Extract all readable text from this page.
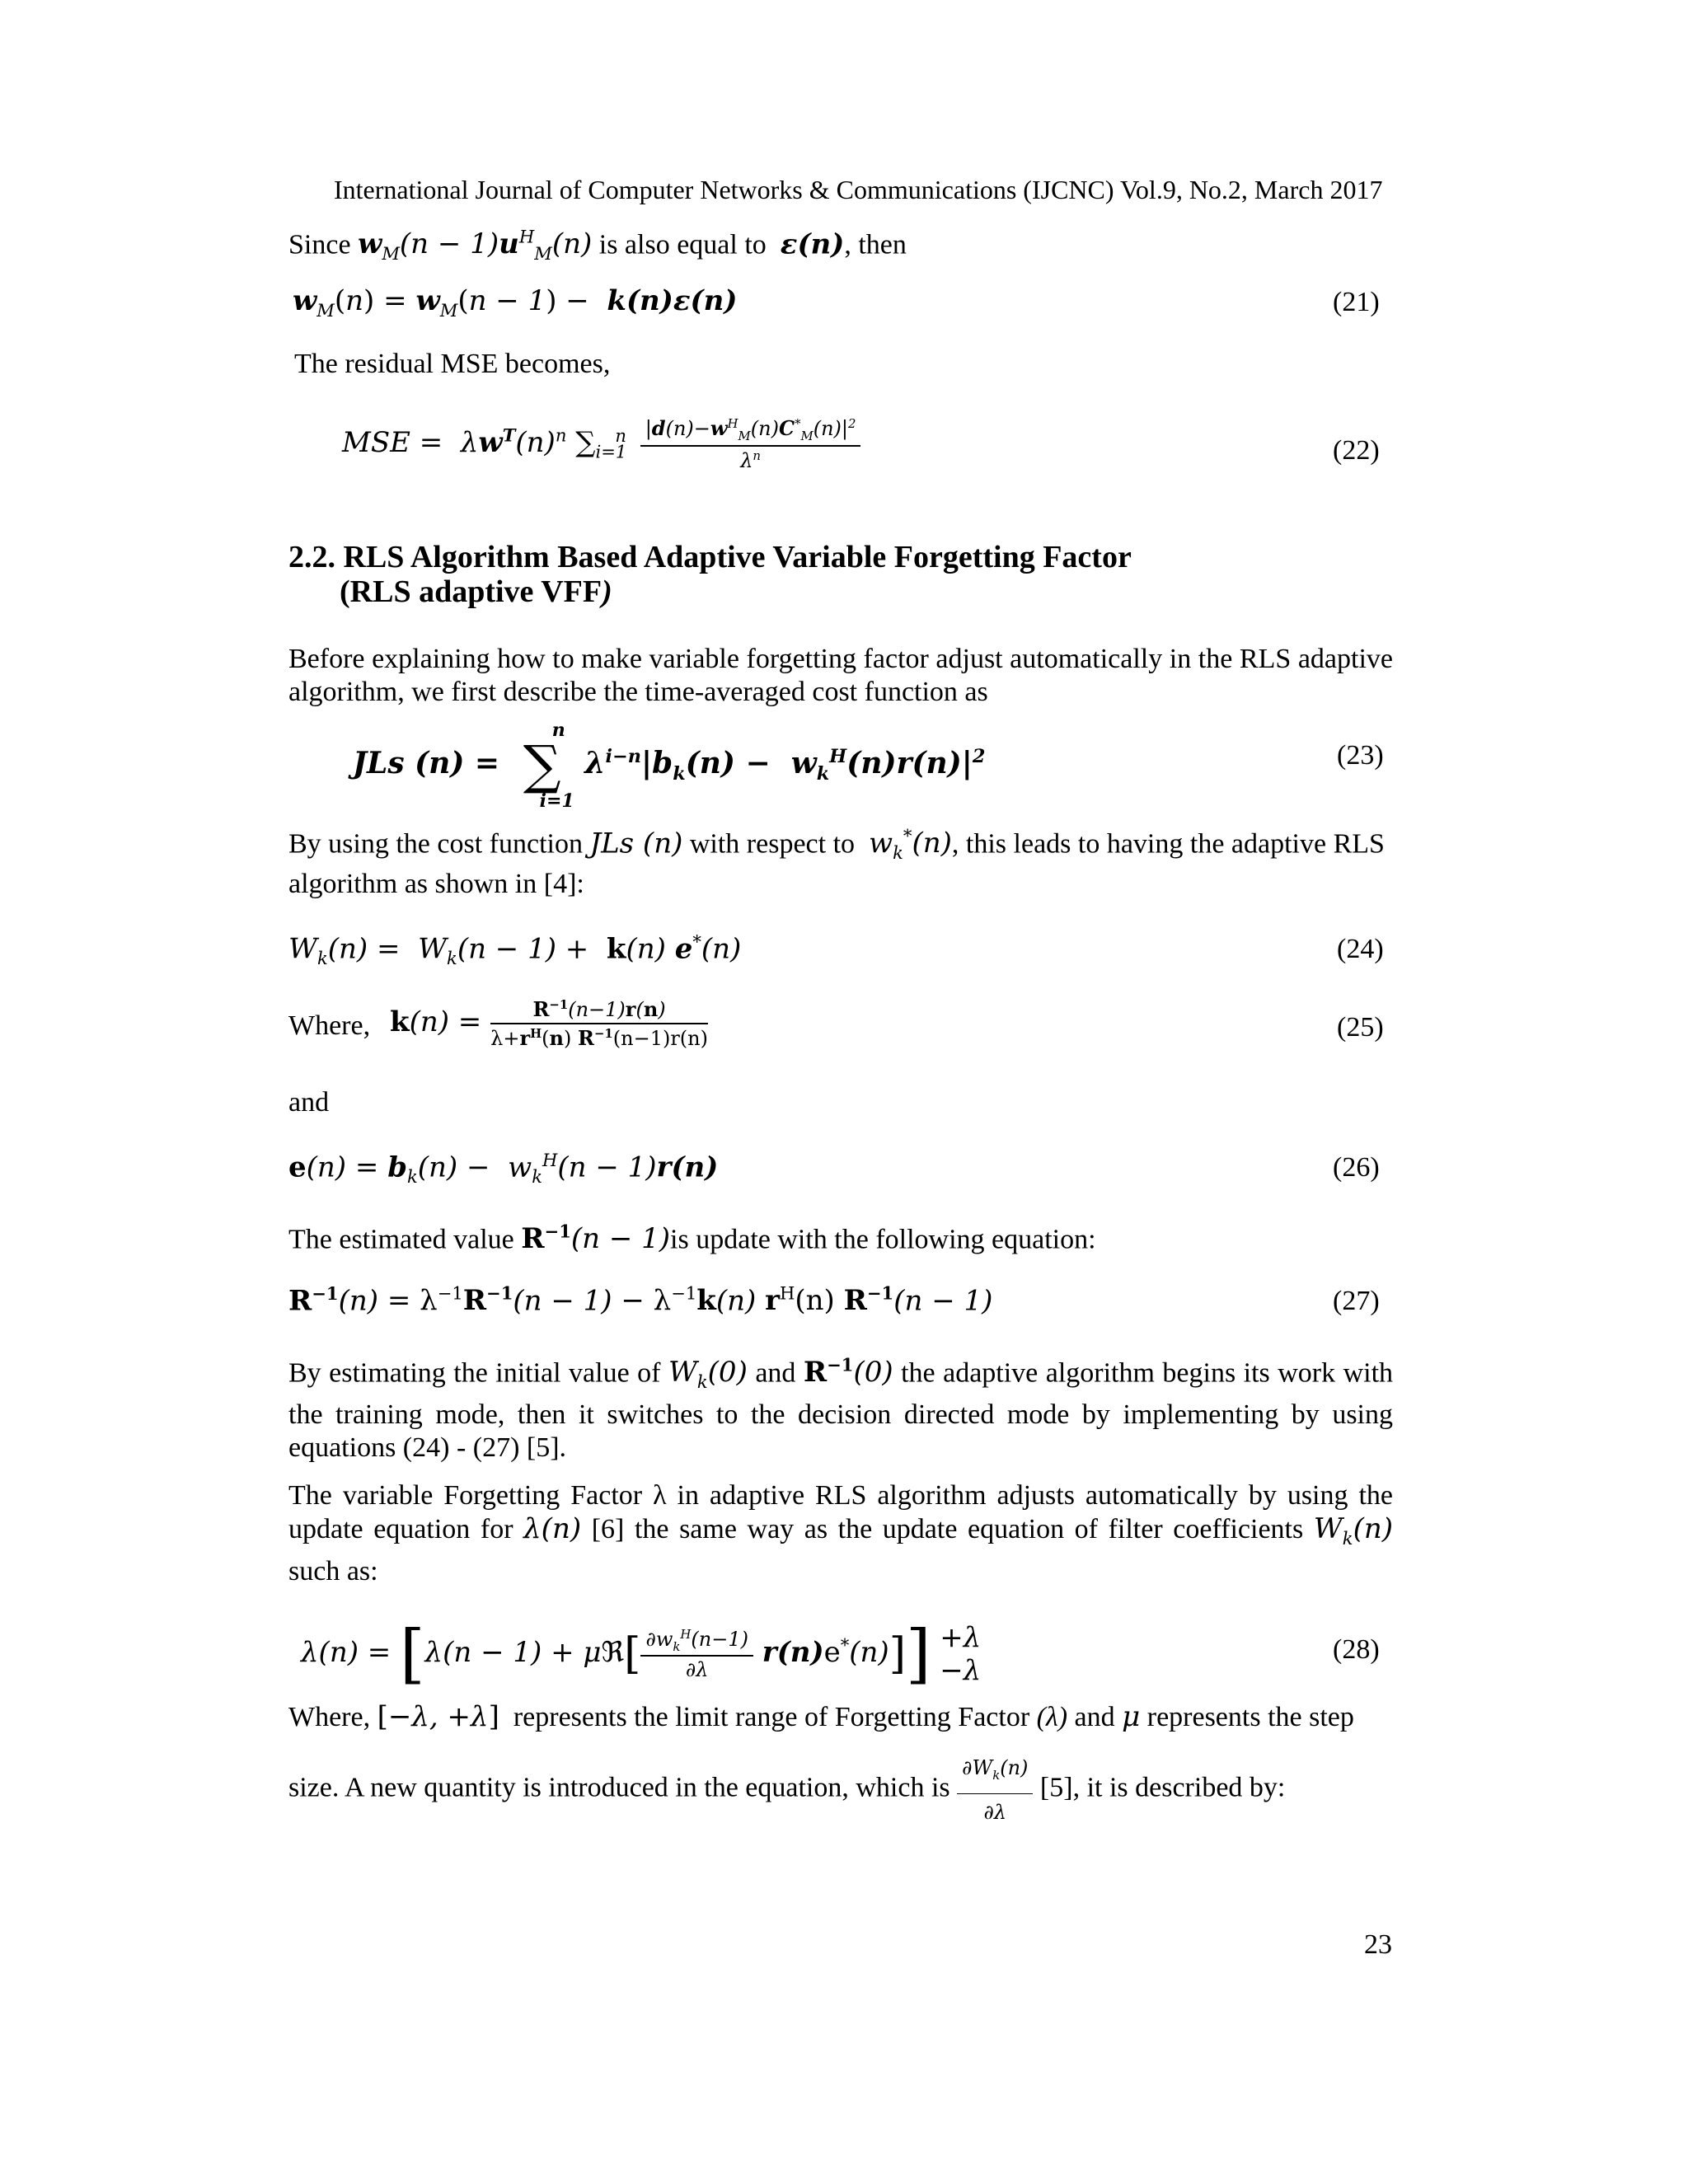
International Journal of Computer Networks & Communications (IJCNC) Vol.9, No.2, March 2017
Since $w_M(n - 1)u^H_M(n)$ is also equal to ε(n), then
$w_M(n) = w_M(n - 1) - k(n)\varepsilon(n)$	(21)
The residual MSE becomes,
MSE =  $\lambda w^T(n)^n$ $\sum_{i=1}^n \frac{|d(n)-w^H_M(n)C^*_M(n)|^2}{\lambda^n}$	(22)
2.2. RLS Algorithm Based Adaptive Variable Forgetting Factor
(RLS adaptive VFF)
Before explaining how to make variable forgetting factor adjust automatically in the RLS adaptive algorithm, we first describe the time-averaged cost function as
JLs (n) =
n
∑
i=1
$\lambda^{i-n}|b_k(n) - w_k^H(n)r(n)|^2$	(23)
By using the cost function JLs (n) with respect to $w_k^*(n)$, this leads to having the adaptive RLS
algorithm as shown in [4]:
$W_k(n) = W_k(n - 1) + k(n)$ e*(n)	(24)
Where, $k(n) = \frac{R^{-1}(n-1)r(n)}{\lambda+r^H(n) R^{-1}(n-1)r(n)}$	(25)
and
$e(n) = b_k(n) - w_k^H(n - 1)r(n)$	(26)
The estimated value $R^{-1}(n - 1)is$ update with the following equation:
$R^{-1}(n) = \lambda^{-1}R^{-1}(n - 1) - \lambda^{-1}k(n)$ $r^H(n) R^{-1}(n - 1)$	(27)
By estimating the initial value of $W_k(0)$ and $R^{-1}(0)$ the adaptive algorithm begins its work with the training mode, then it switches to the decision directed mode by implementing by using equations (24) - (27) [5].
The variable Forgetting Factor λ in adaptive RLS algorithm adjusts automatically by using the update equation for λ(n) [6] the same way as the update equation of filter coefficients $W_k(n)$ such as:
λ(n) = [λ(n − 1) + μℜ[ $\frac{\partial w_k^H(n-1)}{\partial\lambda} r(n)e^*(n)]] +\lambda$
−λ
(28)
Where, [−λ, +λ] represents the limit range of Forgetting Factor (λ) and μ represents the step
size. A new quantity is introduced in the equation, which is $\frac{\partial W_k(n)}{\partial\lambda} [5]$, it is described by:
23
